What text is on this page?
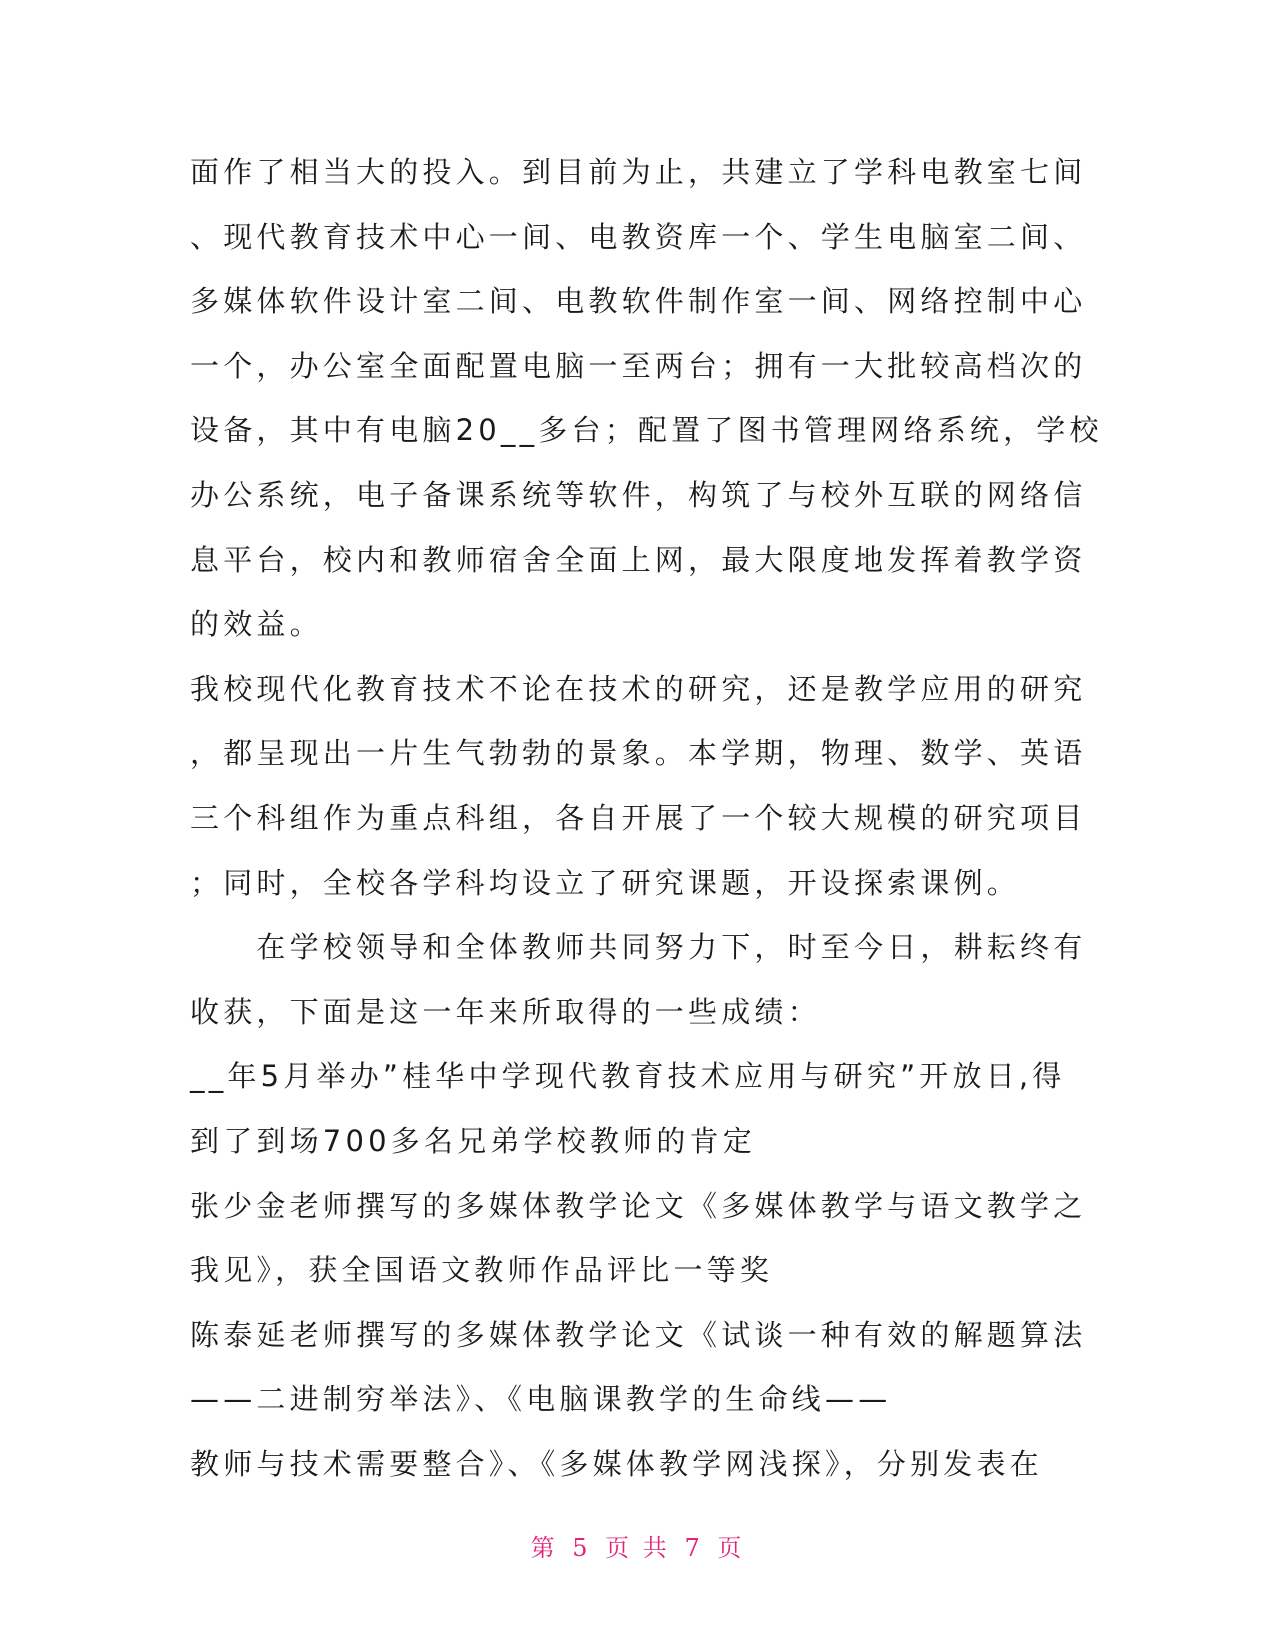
面作了相当大的投入。到目前为止，共建立了学科电教室七间
、现代教育技术中心一间、电教资库一个、学生电脑室二间、
多媒体软件设计室二间、电教软件制作室一间、网络控制中心
一个，办公室全面配置电脑一至两台；拥有一大批较高档次的
设备，其中有电脑20__多台；配置了图书管理网络系统，学校
办公系统，电子备课系统等软件，构筑了与校外互联的网络信
息平台，校内和教师宿舍全面上网，最大限度地发挥着教学资
的效益。
我校现代化教育技术不论在技术的研究，还是教学应用的研究
，都呈现出一片生气勃勃的景象。本学期，物理、数学、英语
三个科组作为重点科组，各自开展了一个较大规模的研究项目
；同时，全校各学科均设立了研究课题，开设探索课例。
　　在学校领导和全体教师共同努力下，时至今日，耕耘终有
收获，下面是这一年来所取得的一些成绩：
__年5月举办”桂华中学现代教育技术应用与研究”开放日,得
到了到场700多名兄弟学校教师的肯定
张少金老师撰写的多媒体教学论文《多媒体教学与语文教学之
我见》，获全国语文教师作品评比一等奖
陈泰延老师撰写的多媒体教学论文《试谈一种有效的解题算法
——二进制穷举法》、《电脑课教学的生命线——
教师与技术需要整合》、《多媒体教学网浅探》，分别发表在
第 5 页 共 7 页
